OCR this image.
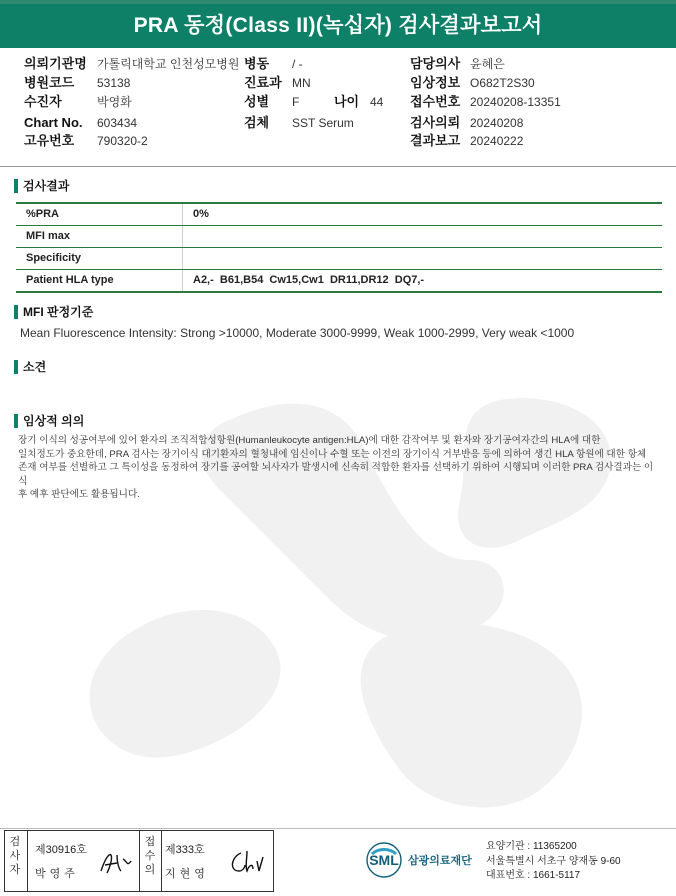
PRA 동정(Class II)(녹십자) 검사결과보고서
의뢰기관명 가톨릭대학교 인천성모병원 병동 / -	담당의사 윤혜은
병원코드 53138	진료과 MN	임상정보 O682T2S30
수진자	박영화	성별 F	나이 44 접수번호 20240208-13351
Chart No. 603434	검체 SST Serum	검사의뢰 20240208
고유번호 790320-2	결과보고 20240222
검사결과
%PRA	0%
MFI max
Specificity
Patient HLA type	A2,-  B61,B54  Cw15,Cw1  DR11,DR12  DQ7,-
MFI 판정기준
Mean Fluorescence Intensity: Strong >10000, Moderate 3000-9999, Weak 1000-2999, Very weak <1000
소견
임상적 의의
장기 이식의 성공여부에 있어 환자의 조직적합성항원(Humanleukocyte antigen:HLA)에 대한 감작여부 및 환자와 장기공여자간의 HLA에 대한
일치정도가 중요한데, PRA 검사는 장기이식 대기환자의 혈청내에 임신이나 수혈 또는 이전의 장기이식 거부반응 등에 의하여 생긴 HLA 항원에 대한 항체
존재 여부를 선별하고 그 특이성을 동정하여 장기를 공여할 뇌사자가 발생시에 신속히 적합한 환자를 선택하기 위하여 시행되며 이러한 PRA 검사결과는 이식
후 예후 판단에도 활용됩니다.
검사자
제30916호
박영주
접수의
제333호
지현영
SML 삼광의료재단
요양기관 : 11365200
서울특별시 서초구 양재동 9-60
대표번호 : 1661-5117
